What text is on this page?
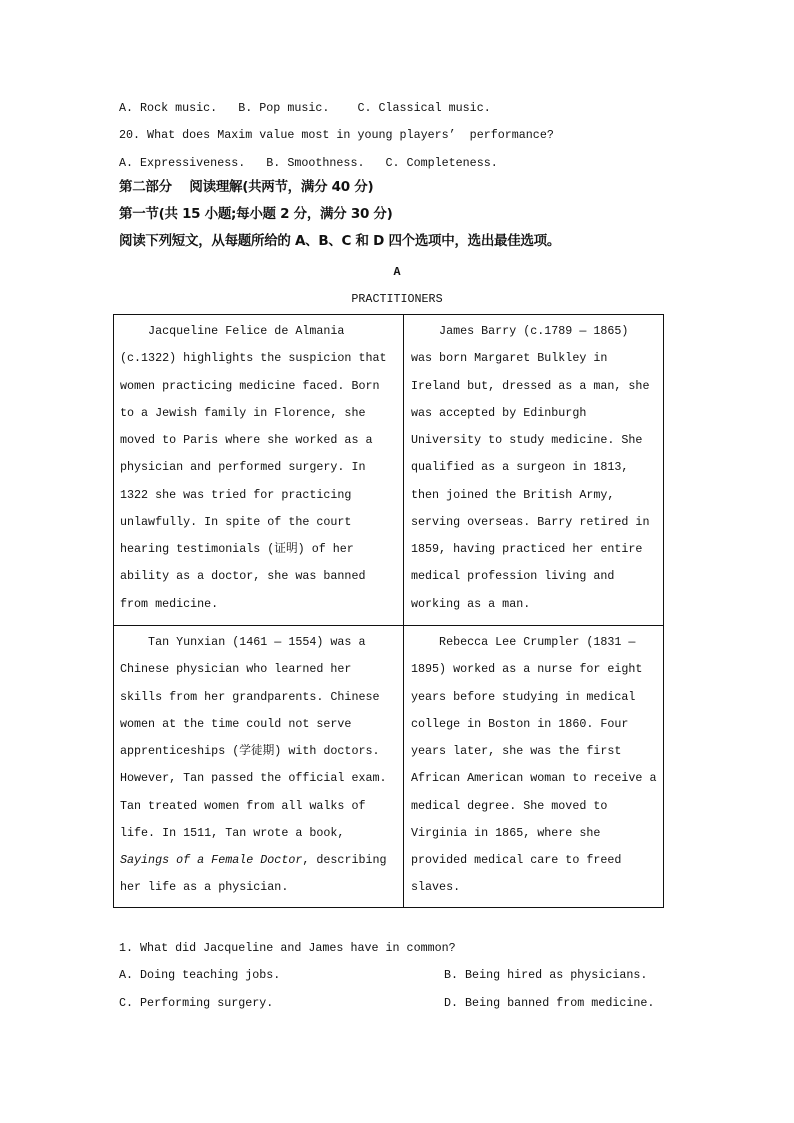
A. Rock music.   B. Pop music.    C. Classical music.
20. What does Maxim value most in young players’  performance?
A. Expressiveness.   B. Smoothness.   C. Completeness.
第二部分    阅读理解(共两节，满分 40 分)
第一节(共 15 小题;每小题 2 分，满分 30 分)
阅读下列短文，从每题所给的 A、B、C 和 D 四个选项中，选出最佳选项。
A
PRACTITIONERS
Jacqueline Felice de Almania
(c.1322) highlights the suspicion that
women practicing medicine faced. Born
to a Jewish family in Florence, she
moved to Paris where she worked as a
physician and performed surgery. In
1322 she was tried for practicing
unlawfully. In spite of the court
hearing testimonials (证明) of her
ability as a doctor, she was banned
from medicine.
James Barry (c.1789 — 1865)
was born Margaret Bulkley in
Ireland but, dressed as a man, she
was accepted by Edinburgh
University to study medicine. She
qualified as a surgeon in 1813,
then joined the British Army,
serving overseas. Barry retired in
1859, having practiced her entire
medical profession living and
working as a man.
Tan Yunxian (1461 — 1554) was a
Chinese physician who learned her
skills from her grandparents. Chinese
women at the time could not serve
apprenticeships (学徒期) with doctors.
However, Tan passed the official exam.
Tan treated women from all walks of
life. In 1511, Tan wrote a book,
Sayings of a Female Doctor, describing
her life as a physician.
Rebecca Lee Crumpler (1831 —
1895) worked as a nurse for eight
years before studying in medical
college in Boston in 1860. Four
years later, she was the first
African American woman to receive a
medical degree. She moved to
Virginia in 1865, where she
provided medical care to freed
slaves.
1. What did Jacqueline and James have in common?
A. Doing teaching jobs.	B. Being hired as physicians.
C. Performing surgery.	D. Being banned from medicine.
